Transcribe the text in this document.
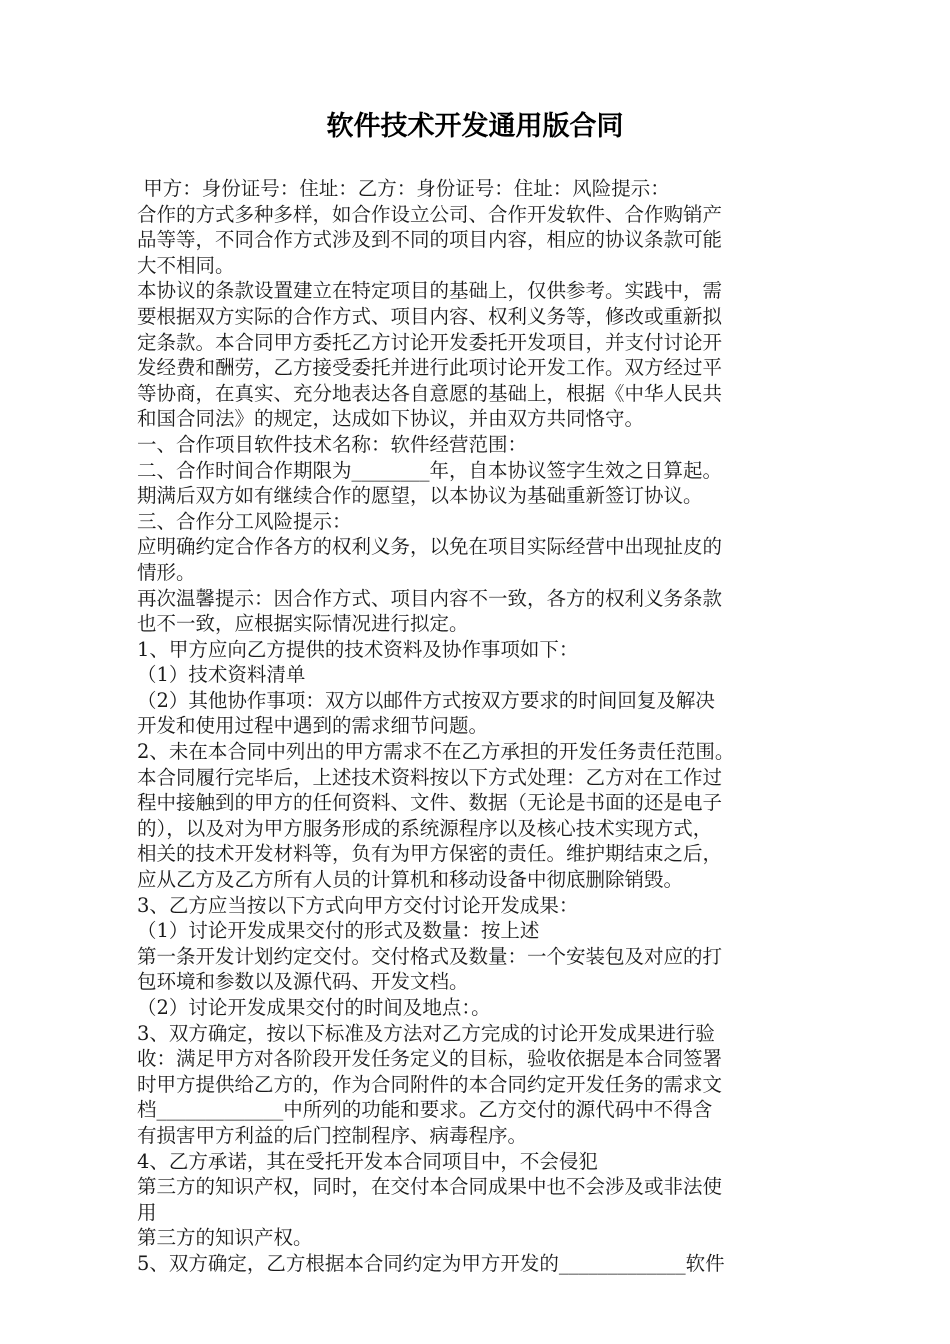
软件技术开发通用版合同
甲方：身份证号：住址：乙方：身份证号：住址：风险提示：
合作的方式多种多样，如合作设立公司、合作开发软件、合作购销产
品等等，不同合作方式涉及到不同的项目内容，相应的协议条款可能
大不相同。
本协议的条款设置建立在特定项目的基础上，仅供参考。实践中，需
要根据双方实际的合作方式、项目内容、权利义务等，修改或重新拟
定条款。本合同甲方委托乙方讨论开发委托开发项目，并支付讨论开
发经费和酬劳，乙方接受委托并进行此项讨论开发工作。双方经过平
等协商，在真实、充分地表达各自意愿的基础上，根据《中华人民共
和国合同法》的规定，达成如下协议，并由双方共同恪守。
一、合作项目软件技术名称：软件经营范围：
二、合作时间合作期限为________年，自本协议签字生效之日算起。
期满后双方如有继续合作的愿望，以本协议为基础重新签订协议。
三、合作分工风险提示：
应明确约定合作各方的权利义务，以免在项目实际经营中出现扯皮的
情形。
再次温馨提示：因合作方式、项目内容不一致，各方的权利义务条款
也不一致，应根据实际情况进行拟定。
1、甲方应向乙方提供的技术资料及协作事项如下：
（1）技术资料清单
（2）其他协作事项：双方以邮件方式按双方要求的时间回复及解决
开发和使用过程中遇到的需求细节问题。
2、未在本合同中列出的甲方需求不在乙方承担的开发任务责任范围。
本合同履行完毕后，上述技术资料按以下方式处理：乙方对在工作过
程中接触到的甲方的任何资料、文件、数据（无论是书面的还是电子
的），以及对为甲方服务形成的系统源程序以及核心技术实现方式，
相关的技术开发材料等，负有为甲方保密的责任。维护期结束之后，
应从乙方及乙方所有人员的计算机和移动设备中彻底删除销毁。
3、乙方应当按以下方式向甲方交付讨论开发成果：
（1）讨论开发成果交付的形式及数量：按上述
第一条开发计划约定交付。交付格式及数量：一个安装包及对应的打
包环境和参数以及源代码、开发文档。
（2）讨论开发成果交付的时间及地点：。
3、双方确定，按以下标准及方法对乙方完成的讨论开发成果进行验
收：满足甲方对各阶段开发任务定义的目标，验收依据是本合同签署
时甲方提供给乙方的，作为合同附件的本合同约定开发任务的需求文
档_____________中所列的功能和要求。乙方交付的源代码中不得含
有损害甲方利益的后门控制程序、病毒程序。
4、乙方承诺，其在受托开发本合同项目中，不会侵犯
第三方的知识产权，同时，在交付本合同成果中也不会涉及或非法使
用
第三方的知识产权。
5、双方确定，乙方根据本合同约定为甲方开发的_____________软件
